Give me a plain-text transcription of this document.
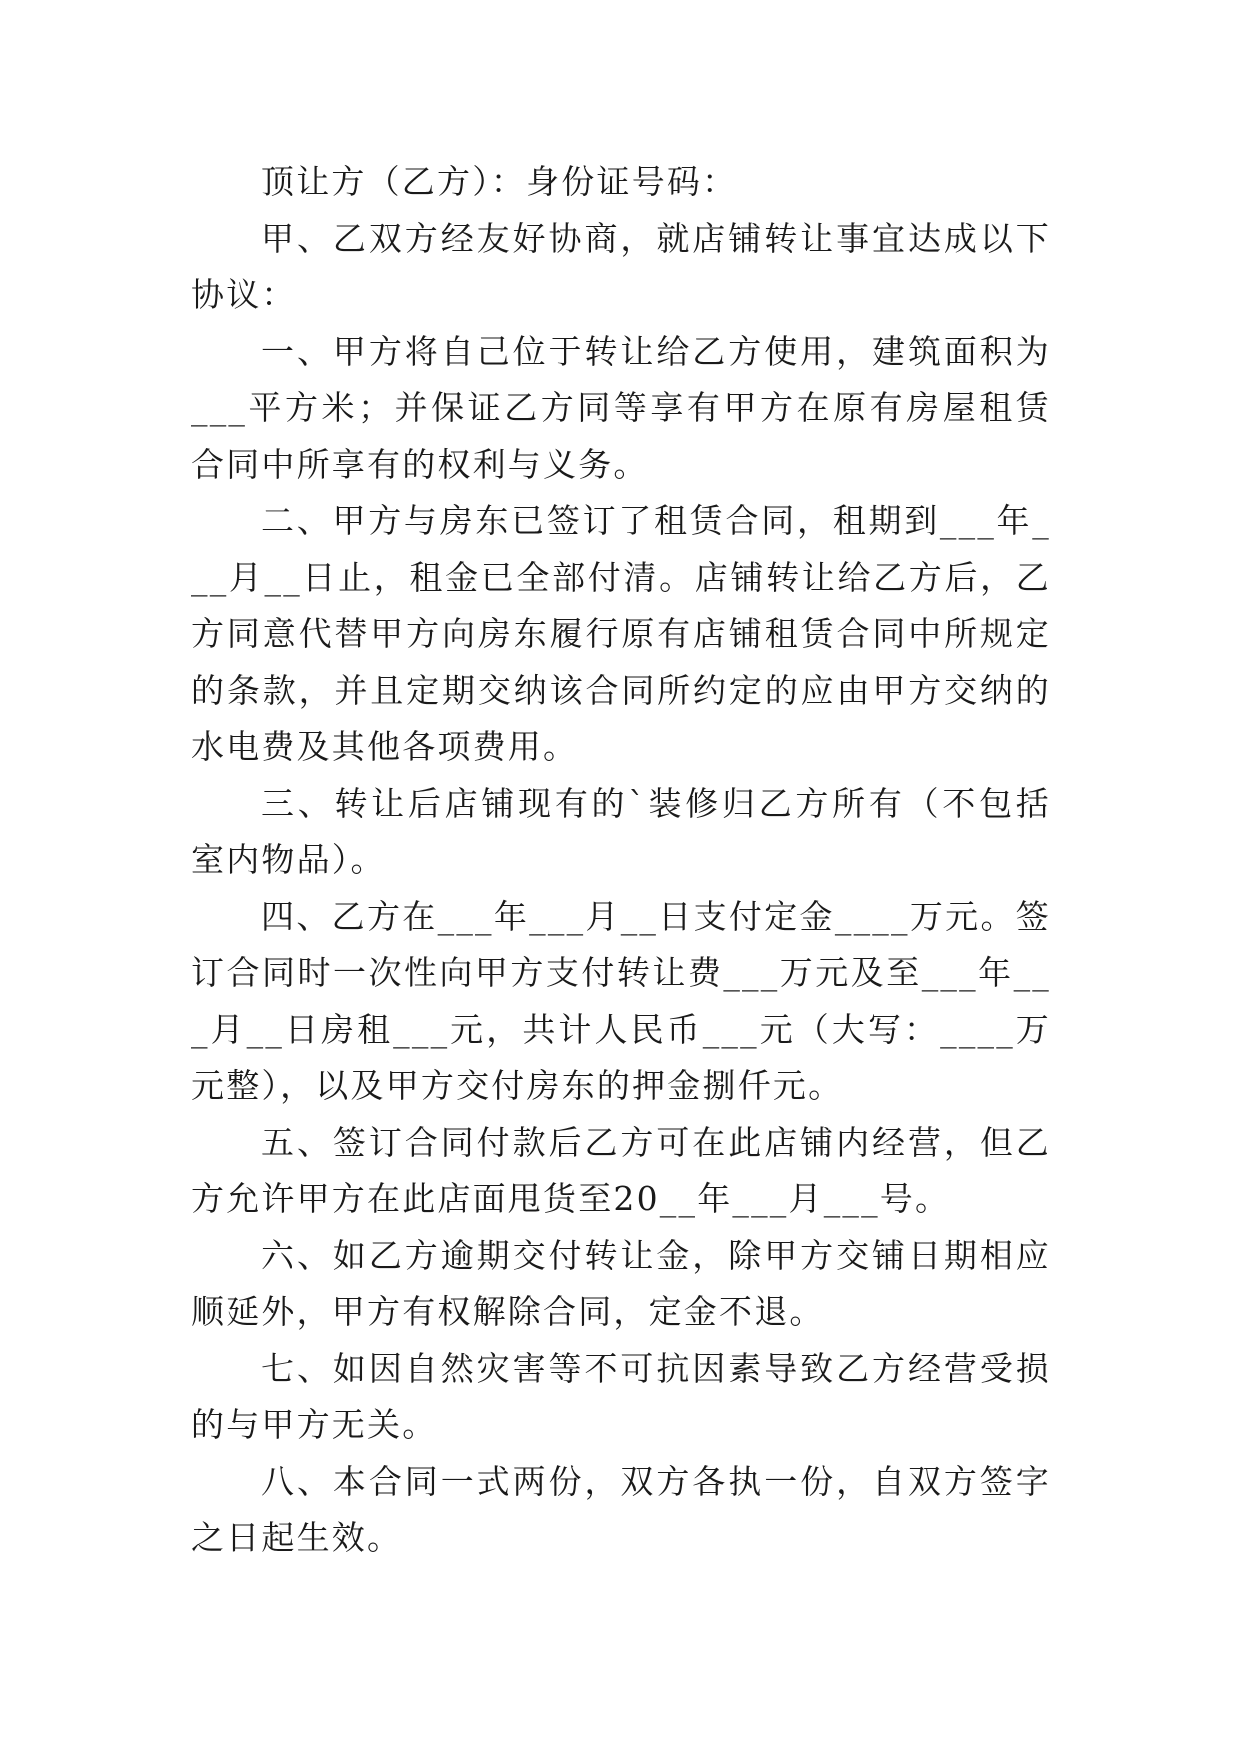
顶让方（乙方）：身份证号码：

甲、乙双方经友好协商，就店铺转让事宜达成以下协议：

一、甲方将自己位于转让给乙方使用，建筑面积为___平方米；并保证乙方同等享有甲方在原有房屋租赁合同中所享有的权利与义务。

二、甲方与房东已签订了租赁合同，租期到___年___月__日止，租金已全部付清。店铺转让给乙方后，乙方同意代替甲方向房东履行原有店铺租赁合同中所规定的条款，并且定期交纳该合同所约定的应由甲方交纳的水电费及其他各项费用。

三、转让后店铺现有的`装修归乙方所有（不包括室内物品）。

四、乙方在___年___月__日支付定金____万元。签订合同时一次性向甲方支付转让费___万元及至___年___月__日房租___元，共计人民币___元（大写：____万元整），以及甲方交付房东的押金捌仟元。

五、签订合同付款后乙方可在此店铺内经营，但乙方允许甲方在此店面甩货至20__年___月___号。

六、如乙方逾期交付转让金，除甲方交铺日期相应顺延外，甲方有权解除合同，定金不退。

七、如因自然灾害等不可抗因素导致乙方经营受损的与甲方无关。

八、本合同一式两份，双方各执一份，自双方签字之日起生效。
